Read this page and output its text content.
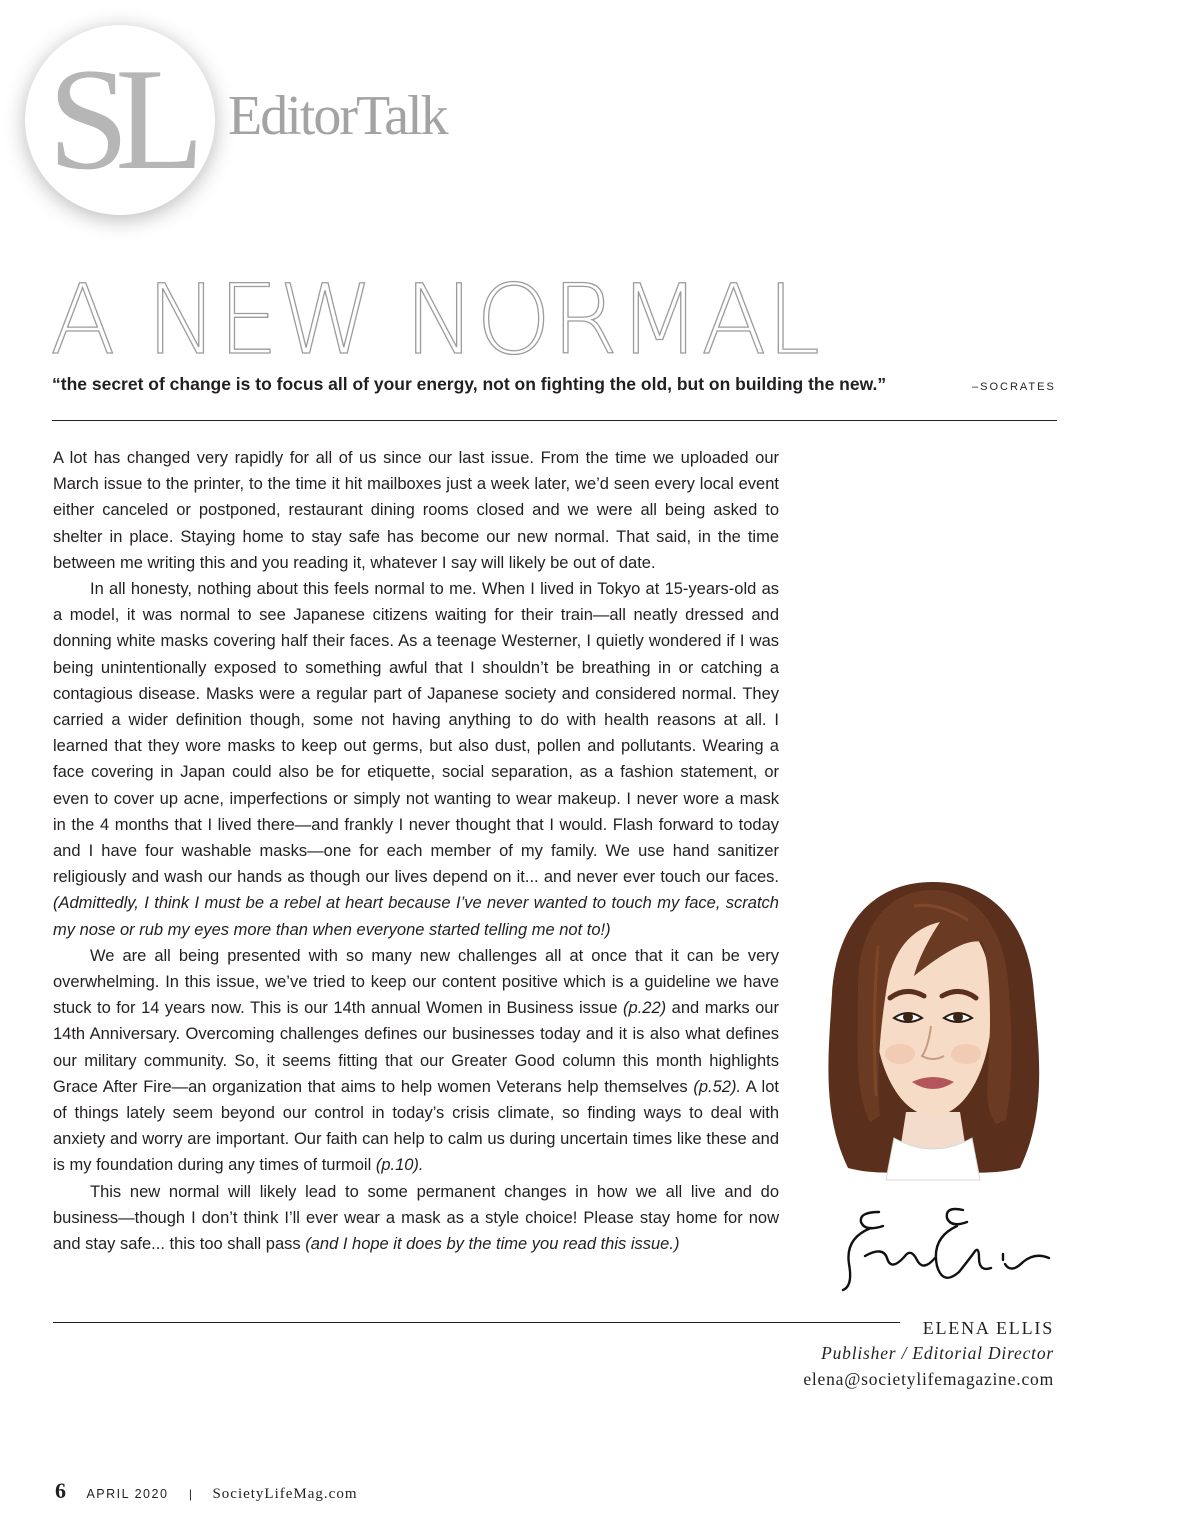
SL EditorTalk
A NEW NORMAL
“the secret of change is to focus all of your energy, not on fighting the old, but on building the new.”	–SOCRATES

A lot has changed very rapidly for all of us since our last issue. From the time we uploaded our March issue to the printer, to the time it hit mailboxes just a week later, we’d seen every local event either canceled or postponed, restaurant dining rooms closed and we were all being asked to shelter in place. Staying home to stay safe has become our new normal. That said, in the time between me writing this and you reading it, whatever I say will likely be out of date.

In all honesty, nothing about this feels normal to me. When I lived in Tokyo at 15-years-old as a model, it was normal to see Japanese citizens waiting for their train—all neatly dressed and donning white masks covering half their faces. As a teenage Westerner, I quietly wondered if I was being unintentionally exposed to something awful that I shouldn’t be breathing in or catching a contagious disease. Masks were a regular part of Japanese society and considered normal. They carried a wider definition though, some not having anything to do with health reasons at all. I learned that they wore masks to keep out germs, but also dust, pollen and pollutants. Wearing a face covering in Japan could also be for etiquette, social separation, as a fashion statement, or even to cover up acne, imperfections or simply not wanting to wear makeup. I never wore a mask in the 4 months that I lived there—and frankly I never thought that I would. Flash forward to today and I have four washable masks—one for each member of my family. We use hand sanitizer religiously and wash our hands as though our lives depend on it... and never ever touch our faces. (Admittedly, I think I must be a rebel at heart because I’ve never wanted to touch my face, scratch my nose or rub my eyes more than when everyone started telling me not to!)

We are all being presented with so many new challenges all at once that it can be very overwhelming. In this issue, we’ve tried to keep our content positive which is a guideline we have stuck to for 14 years now. This is our 14th annual Women in Business issue (p.22) and marks our 14th Anniversary. Overcoming challenges defines our businesses today and it is also what defines our military community. So, it seems fitting that our Greater Good column this month highlights Grace After Fire—an organization that aims to help women Veterans help themselves (p.52). A lot of things lately seem beyond our control in today’s crisis climate, so finding ways to deal with anxiety and worry are important. Our faith can help to calm us during uncertain times like these and is my foundation during any times of turmoil (p.10).

This new normal will likely lead to some permanent changes in how we all live and do business—though I don’t think I’ll ever wear a mask as a style choice! Please stay home for now and stay safe... this too shall pass (and I hope it does by the time you read this issue.)

ELENA ELLIS
Publisher / Editorial Director
elena@societylifemagazine.com
6 APRIL 2020 | SocietyLifeMag.com
